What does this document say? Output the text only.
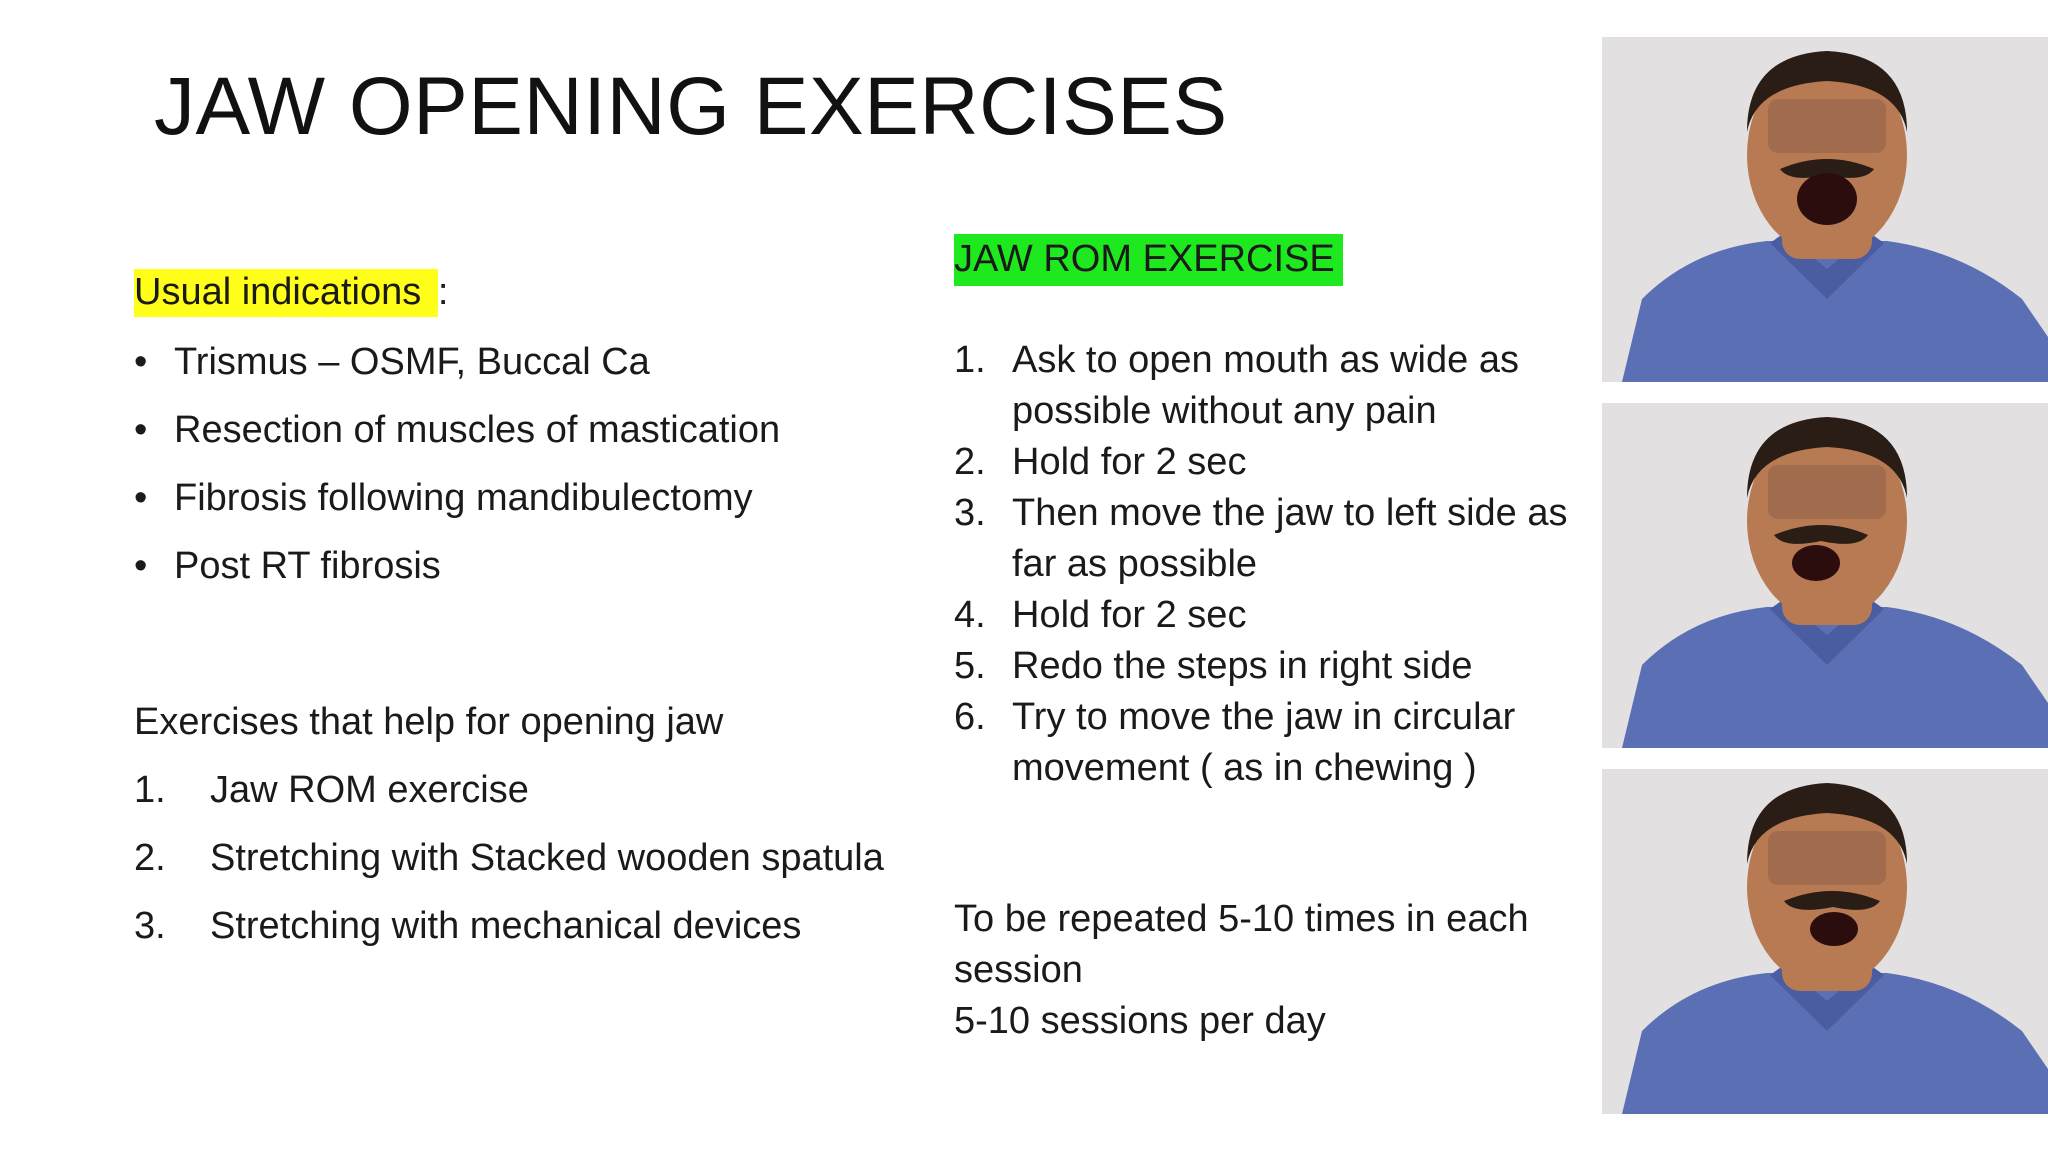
JAW OPENING EXERCISES
Usual indications :
• Trismus – OSMF, Buccal Ca
• Resection of muscles of mastication
• Fibrosis following mandibulectomy
• Post RT fibrosis
Exercises that help for opening jaw
1. Jaw ROM exercise
2. Stretching with Stacked wooden spatula
3. Stretching with mechanical devices
JAW ROM EXERCISE
1. Ask to open mouth as wide as
possible without any pain
2. Hold for 2 sec
3. Then move the jaw to left side as
far as possible
4. Hold for 2 sec
5. Redo the steps in right side
6. Try to move the jaw in circular
movement ( as in chewing )
To be repeated 5-10 times in each
session
5-10 sessions per day
